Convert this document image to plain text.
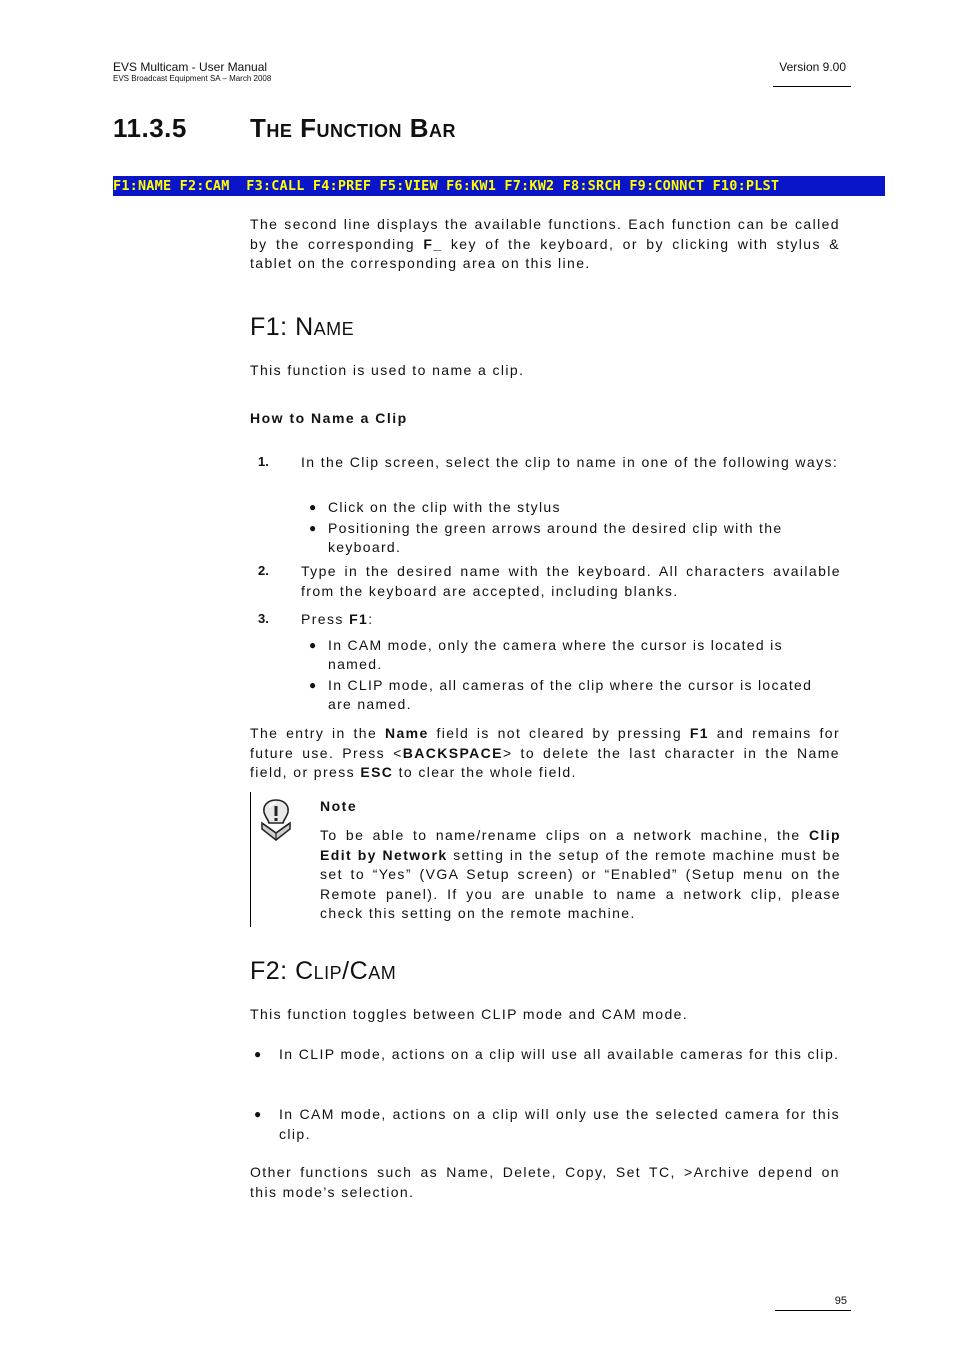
EVS Multicam - User Manual
EVS Broadcast Equipment SA – March 2008
Version 9.00
11.3.5 The Function Bar
F1:NAME F2:CAM  F3:CALL F4:PREF F5:VIEW F6:KW1 F7:KW2 F8:SRCH F9:CONNCT F10:PLST
The second line displays the available functions. Each function can be called by the corresponding F_ key of the keyboard, or by clicking with stylus & tablet on the corresponding area on this line.
F1: NAME
This function is used to name a clip.
How to Name a Clip
1. In the Clip screen, select the clip to name in one of the following ways:
● Click on the clip with the stylus
● Positioning the green arrows around the desired clip with the keyboard.
2. Type in the desired name with the keyboard. All characters available from the keyboard are accepted, including blanks.
3. Press F1:
● In CAM mode, only the camera where the cursor is located is named.
● In CLIP mode, all cameras of the clip where the cursor is located are named.
The entry in the Name field is not cleared by pressing F1 and remains for future use. Press <BACKSPACE> to delete the last character in the Name field, or press ESC to clear the whole field.
Note
To be able to name/rename clips on a network machine, the Clip Edit by Network setting in the setup of the remote machine must be set to “Yes” (VGA Setup screen) or “Enabled” (Setup menu on the Remote panel). If you are unable to name a network clip, please check this setting on the remote machine.
F2: CLIP/CAM
This function toggles between CLIP mode and CAM mode.
● In CLIP mode, actions on a clip will use all available cameras for this clip.
● In CAM mode, actions on a clip will only use the selected camera for this clip.
Other functions such as Name, Delete, Copy, Set TC, >Archive depend on this mode’s selection.
95
